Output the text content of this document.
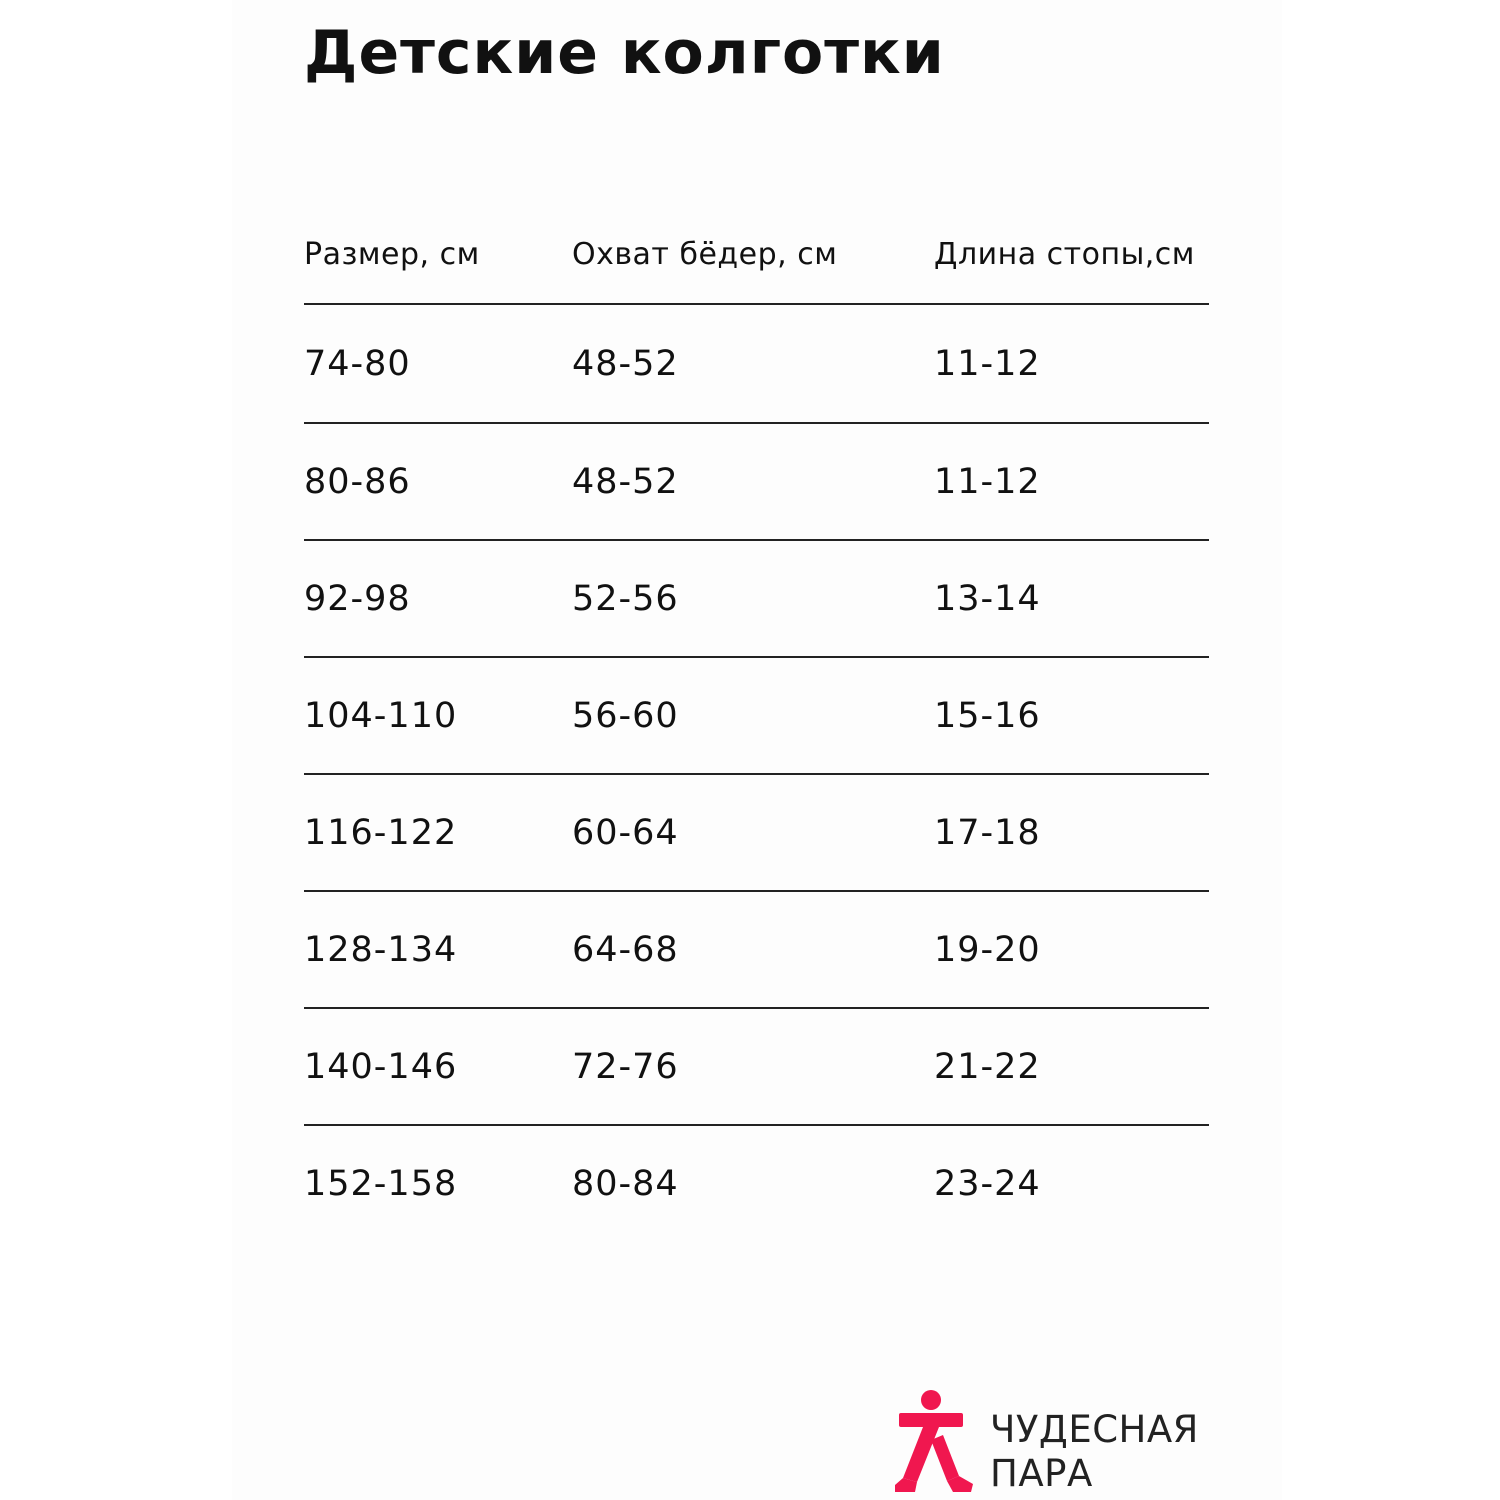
Детские колготки
Размер, см	Охват бёдер, см	Длина стопы,см
74-80	48-52	11-12
80-86	48-52	11-12
92-98	52-56	13-14
104-110	56-60	15-16
116-122	60-64	17-18
128-134	64-68	19-20
140-146	72-76	21-22
152-158	80-84	23-24
ЧУДЕСНАЯ
ПАРА
